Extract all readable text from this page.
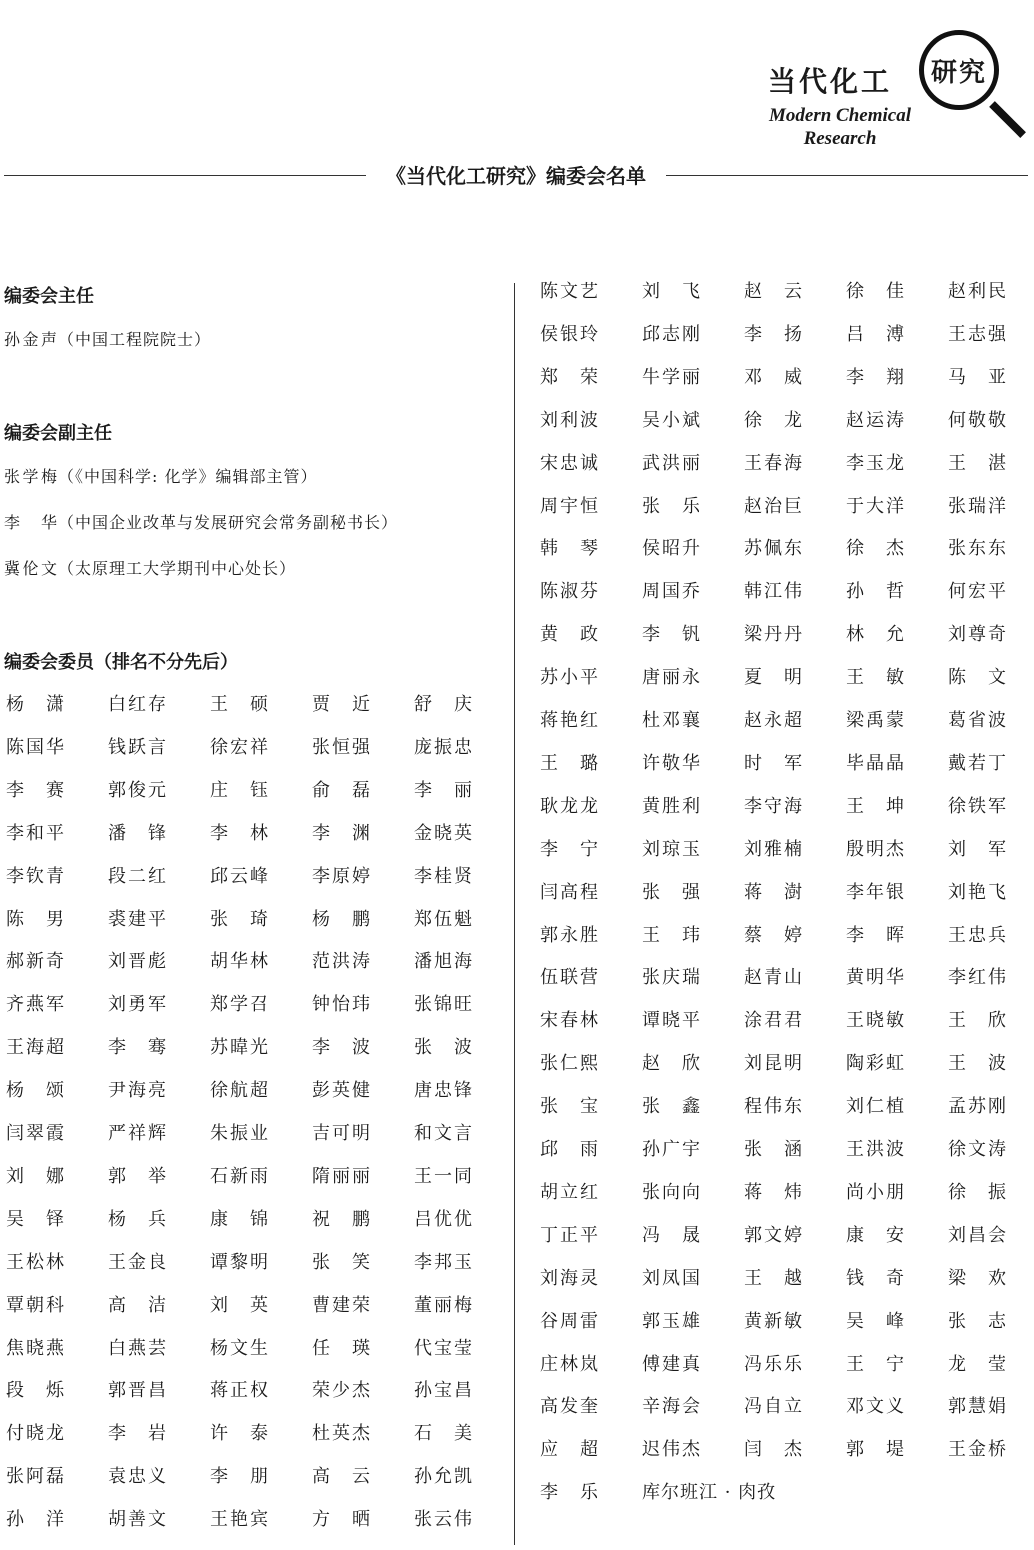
当代化工	研究
Modern Chemical
Research
《当代化工研究》编委会名单
编委会主任
孙金声（中国工程院院士）
编委会副主任
张学梅（《中国科学: 化学》编辑部主管）
李华（中国企业改革与发展研究会常务副秘书长）
冀伦文（太原理工大学期刊中心处长）
编委会委员（排名不分先后）
杨潇 白红存 王硕 贾近 舒庆
陈国华 钱跃言 徐宏祥 张恒强 庞振忠
李赛 郭俊元 庄钰 俞磊 李丽
李和平 潘锋 李林 李渊 金晓英
李钦青 段二红 邱云峰 李原婷 李桂贤
陈男 裘建平 张琦 杨鹏 郑伍魁
郝新奇 刘晋彪 胡华林 范洪涛 潘旭海
齐燕军 刘勇军 郑学召 钟怡玮 张锦旺
王海超 李骞 苏暐光 李波 张波
杨颂 尹海亮 徐航超 彭英健 唐忠锋
闫翠霞 严祥辉 朱振业 吉可明 和文言
刘娜 郭举 石新雨 隋丽丽 王一同
吴铎 杨兵 康锦 祝鹏 吕优优
王松林 王金良 谭黎明 张笑 李邦玉
覃朝科 高洁 刘英 曹建荣 董丽梅
焦晓燕 白燕芸 杨文生 任瑛 代宝莹
段烁 郭晋昌 蒋正权 荣少杰 孙宝昌
付晓龙 李岩 许泰 杜英杰 石美
张阿磊 袁忠义 李朋 高云 孙允凯
孙洋 胡善文 王艳宾 方晒 张云伟
陈文艺 刘飞 赵云 徐佳 赵利民
侯银玲 邱志刚 李扬 吕溥 王志强
郑荣 牛学丽 邓威 李翔 马亚
刘利波 吴小斌 徐龙 赵运涛 何敬敬
宋忠诚 武洪丽 王春海 李玉龙 王湛
周宇恒 张乐 赵治巨 于大洋 张瑞洋
韩琴 侯昭升 苏佩东 徐杰 张东东
陈淑芬 周国乔 韩江伟 孙哲 何宏平
黄政 李钒 梁丹丹 林允 刘尊奇
苏小平 唐丽永 夏明 王敏 陈文
蒋艳红 杜邓襄 赵永超 梁禹蒙 葛省波
王璐 许敬华 时军 毕晶晶 戴若丁
耿龙龙 黄胜利 李守海 王坤 徐铁军
李宁 刘琼玉 刘雅楠 殷明杰 刘军
闫高程 张强 蒋澍 李年银 刘艳飞
郭永胜 王玮 蔡婷 李晖 王忠兵
伍联营 张庆瑞 赵青山 黄明华 李红伟
宋春林 谭晓平 涂君君 王晓敏 王欣
张仁熙 赵欣 刘昆明 陶彩虹 王波
张宝 张鑫 程伟东 刘仁植 孟苏刚
邱雨 孙广宇 张涵 王洪波 徐文涛
胡立红 张向向 蒋炜 尚小朋 徐振
丁正平 冯晟 郭文婷 康安 刘昌会
刘海灵 刘凤国 王越 钱奇 梁欢
谷周雷 郭玉雄 黄新敏 吴峰 张志
庄林岚 傅建真 冯乐乐 王宁 龙莹
高发奎 辛海会 冯自立 邓文义 郭慧娟
应超 迟伟杰 闫杰 郭堤 王金桥
李乐 库尔班江 · 肉孜
